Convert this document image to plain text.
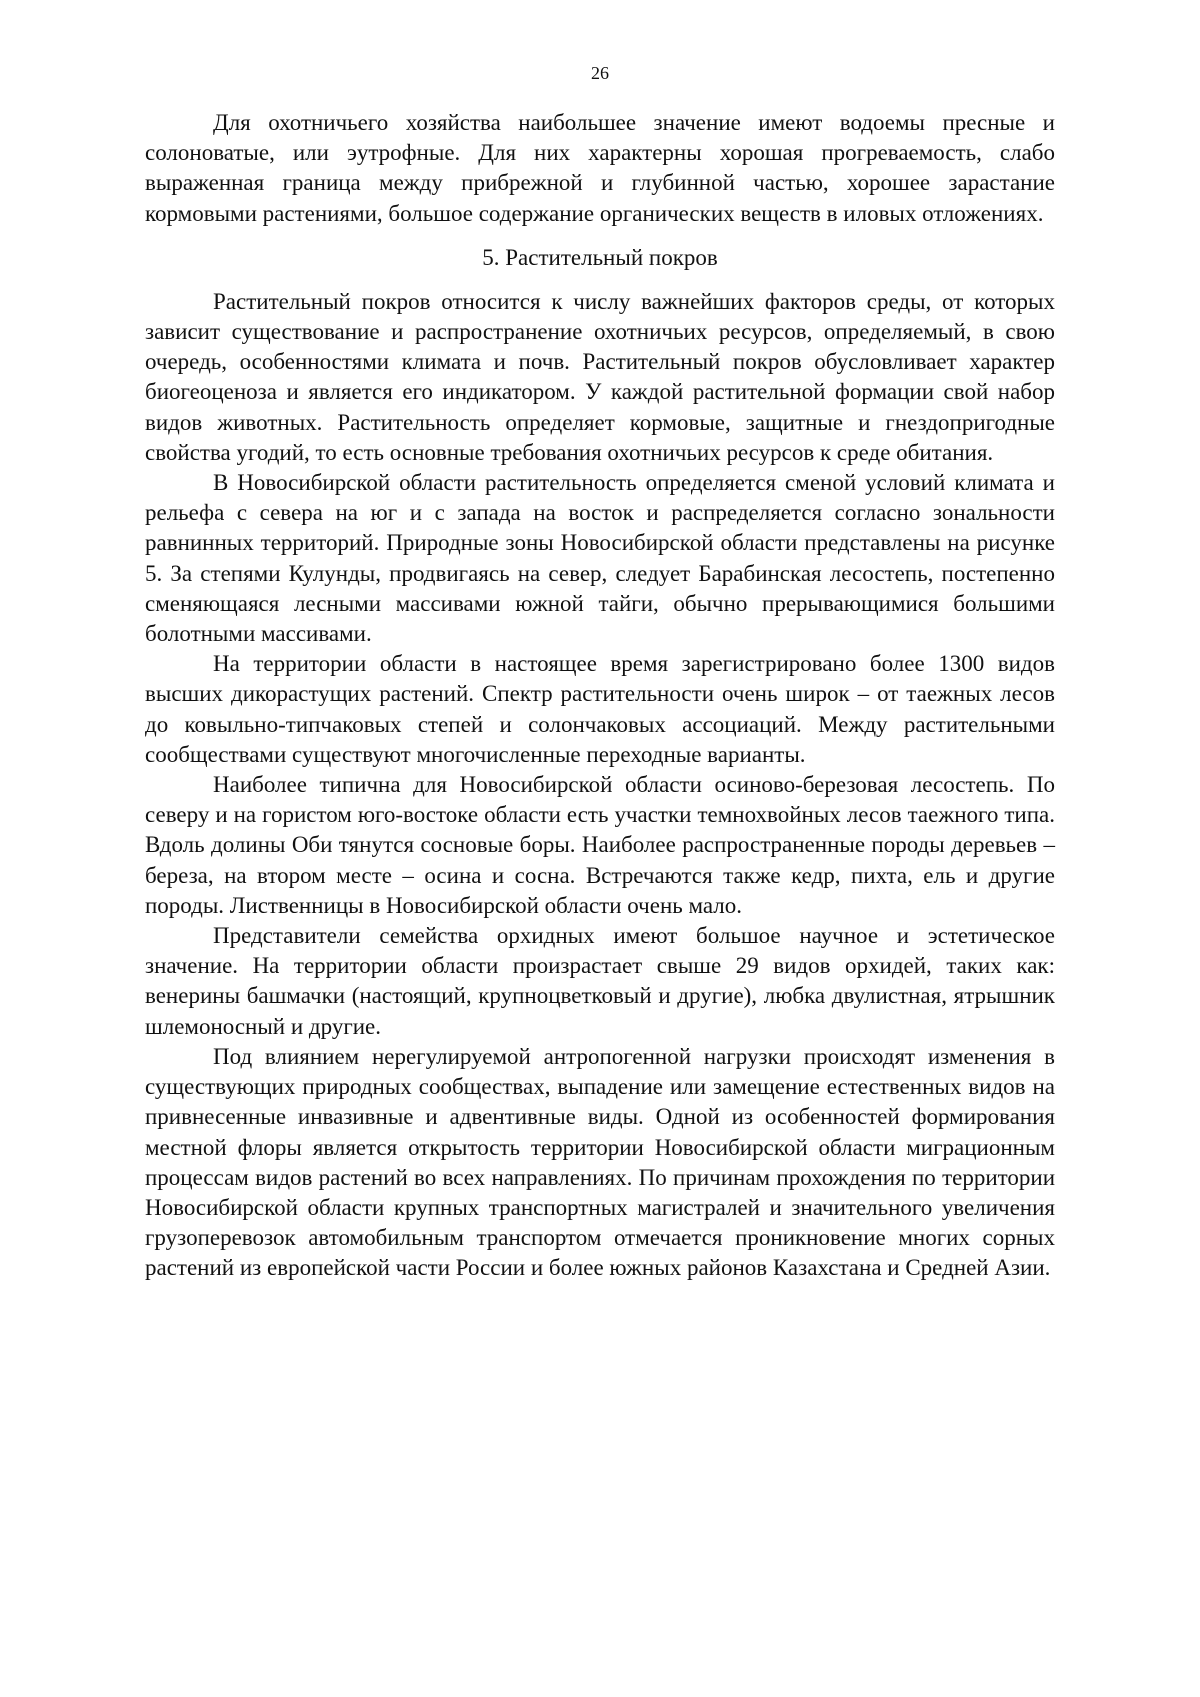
26

Для охотничьего хозяйства наибольшее значение имеют водоемы пресные и солоноватые, или эутрофные. Для них характерны хорошая прогреваемость, слабо выраженная граница между прибрежной и глубинной частью, хорошее зарастание кормовыми растениями, большое содержание органических веществ в иловых отложениях.

5. Растительный покров

Растительный покров относится к числу важнейших факторов среды, от которых зависит существование и распространение охотничьих ресурсов, определяемый, в свою очередь, особенностями климата и почв. Растительный покров обусловливает характер биогеоценоза и является его индикатором. У каждой растительной формации свой набор видов животных. Растительность определяет кормовые, защитные и гнездопригодные свойства угодий, то есть основные требования охотничьих ресурсов к среде обитания.

В Новосибирской области растительность определяется сменой условий климата и рельефа с севера на юг и с запада на восток и распределяется согласно зональности равнинных территорий. Природные зоны Новосибирской области представлены на рисунке 5. За степями Кулунды, продвигаясь на север, следует Барабинская лесостепь, постепенно сменяющаяся лесными массивами южной тайги, обычно прерывающимися большими болотными массивами.

На территории области в настоящее время зарегистрировано более 1300 видов высших дикорастущих растений. Спектр растительности очень широк – от таежных лесов до ковыльно-типчаковых степей и солончаковых ассоциаций. Между растительными сообществами существуют многочисленные переходные варианты.

Наиболее типична для Новосибирской области осиново-березовая лесостепь. По северу и на гористом юго-востоке области есть участки темнохвойных лесов таежного типа. Вдоль долины Оби тянутся сосновые боры. Наиболее распространенные породы деревьев – береза, на втором месте – осина и сосна. Встречаются также кедр, пихта, ель и другие породы. Лиственницы в Новосибирской области очень мало.

Представители семейства орхидных имеют большое научное и эстетическое значение. На территории области произрастает свыше 29 видов орхидей, таких как: венерины башмачки (настоящий, крупноцветковый и другие), любка двулистная, ятрышник шлемоносный и другие.

Под влиянием нерегулируемой антропогенной нагрузки происходят изменения в существующих природных сообществах, выпадение или замещение естественных видов на привнесенные инвазивные и адвентивные виды. Одной из особенностей формирования местной флоры является открытость территории Новосибирской области миграционным процессам видов растений во всех направлениях. По причинам прохождения по территории Новосибирской области крупных транспортных магистралей и значительного увеличения грузоперевозок автомобильным транспортом отмечается проникновение многих сорных растений из европейской части России и более южных районов Казахстана и Средней Азии.
